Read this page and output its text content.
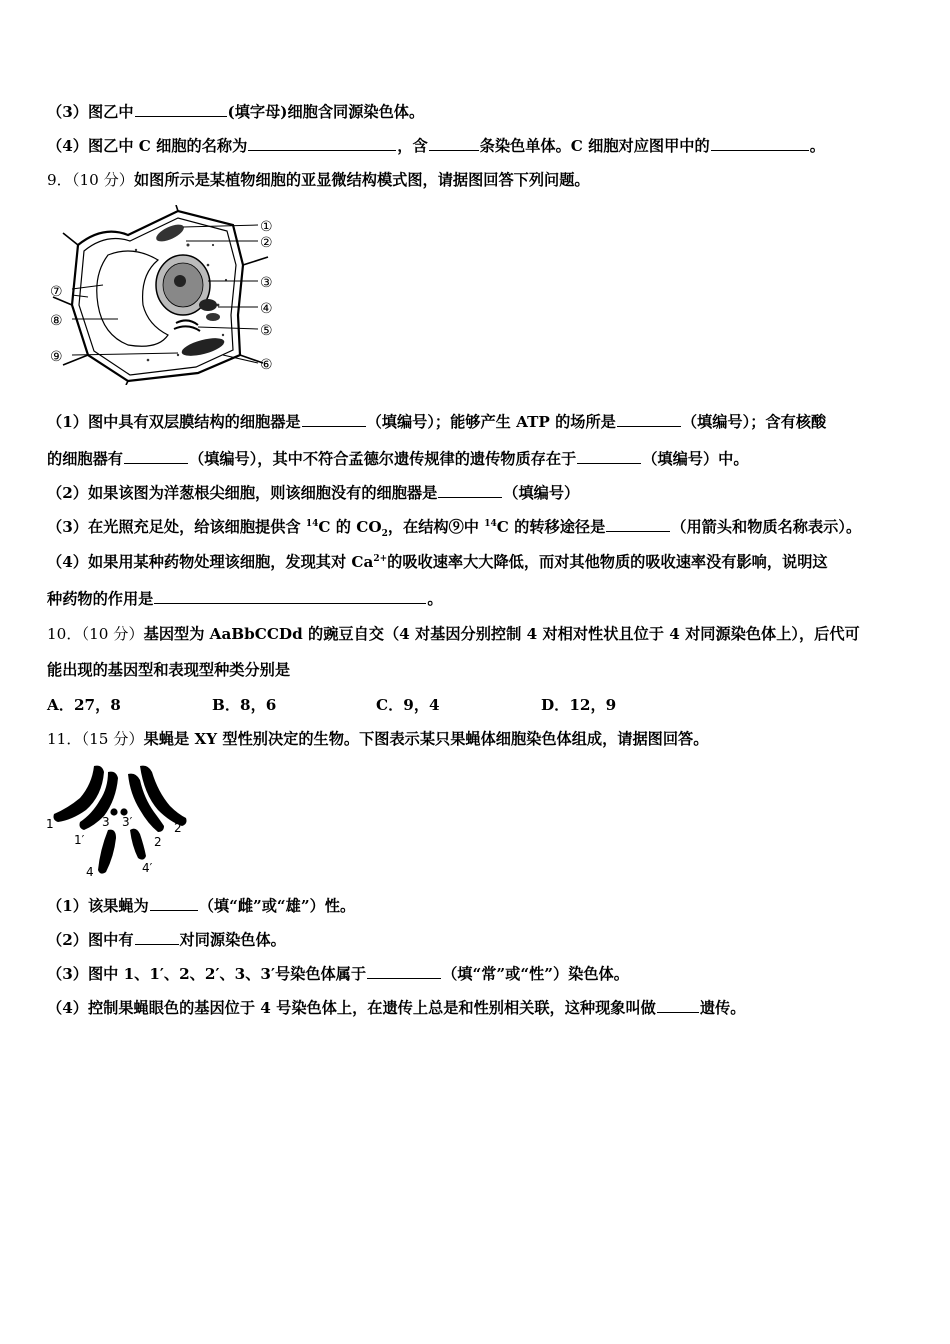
（3）图乙中	(填字母)细胞含同源染色体。
（4）图乙中 C 细胞的名称为	，含	条染色单体。C 细胞对应图甲中的	。
9．（10 分）如图所示是某植物细胞的亚显微结构模式图，请据图回答下列问题。
①
②
③
④
⑤
⑥
⑦
⑧
⑨
（1）图中具有双层膜结构的细胞器是	（填编号）；能够产生 ATP 的场所是	（填编号）；含有核酸
的细胞器有	（填编号），其中不符合孟德尔遗传规律的遗传物质存在于	（填编号）中。
（2）如果该图为洋葱根尖细胞，则该细胞没有的细胞器是	（填编号）
（3）在光照充足处，给该细胞提供含 $^{14}$C 的 $CO_2$，在结构⑨中 $^{14}$C 的转移途径是	（用箭头和物质名称表示）。
（4）如果用某种药物处理该细胞，发现其对 $Ca^{2+}$的吸收速率大大降低，而对其他物质的吸收速率没有影响，说明这
种药物的作用是	。
10．（10 分）基因型为 AaBbCCDd 的豌豆自交（4 对基因分别控制 4 对相对性状且位于 4 对同源染色体上），后代可
能出现的基因型和表现型种类分别是
A．27，8	B．8，6	C．9，4	D．12，9
11．（15 分）果蝇是 XY 型性别决定的生物。下图表示某只果蝇体细胞染色体组成，请据图回答。
1
1′	2
2′
3 3′
4	4′
（1）该果蝇为	（填“雌”或“雄”）性。
（2）图中有	对同源染色体。
（3）图中 1、1′、2、2′、3、3′号染色体属于	（填“常”或“性”）染色体。
（4）控制果蝇眼色的基因位于 4 号染色体上，在遗传上总是和性别相关联，这种现象叫做	遗传。
